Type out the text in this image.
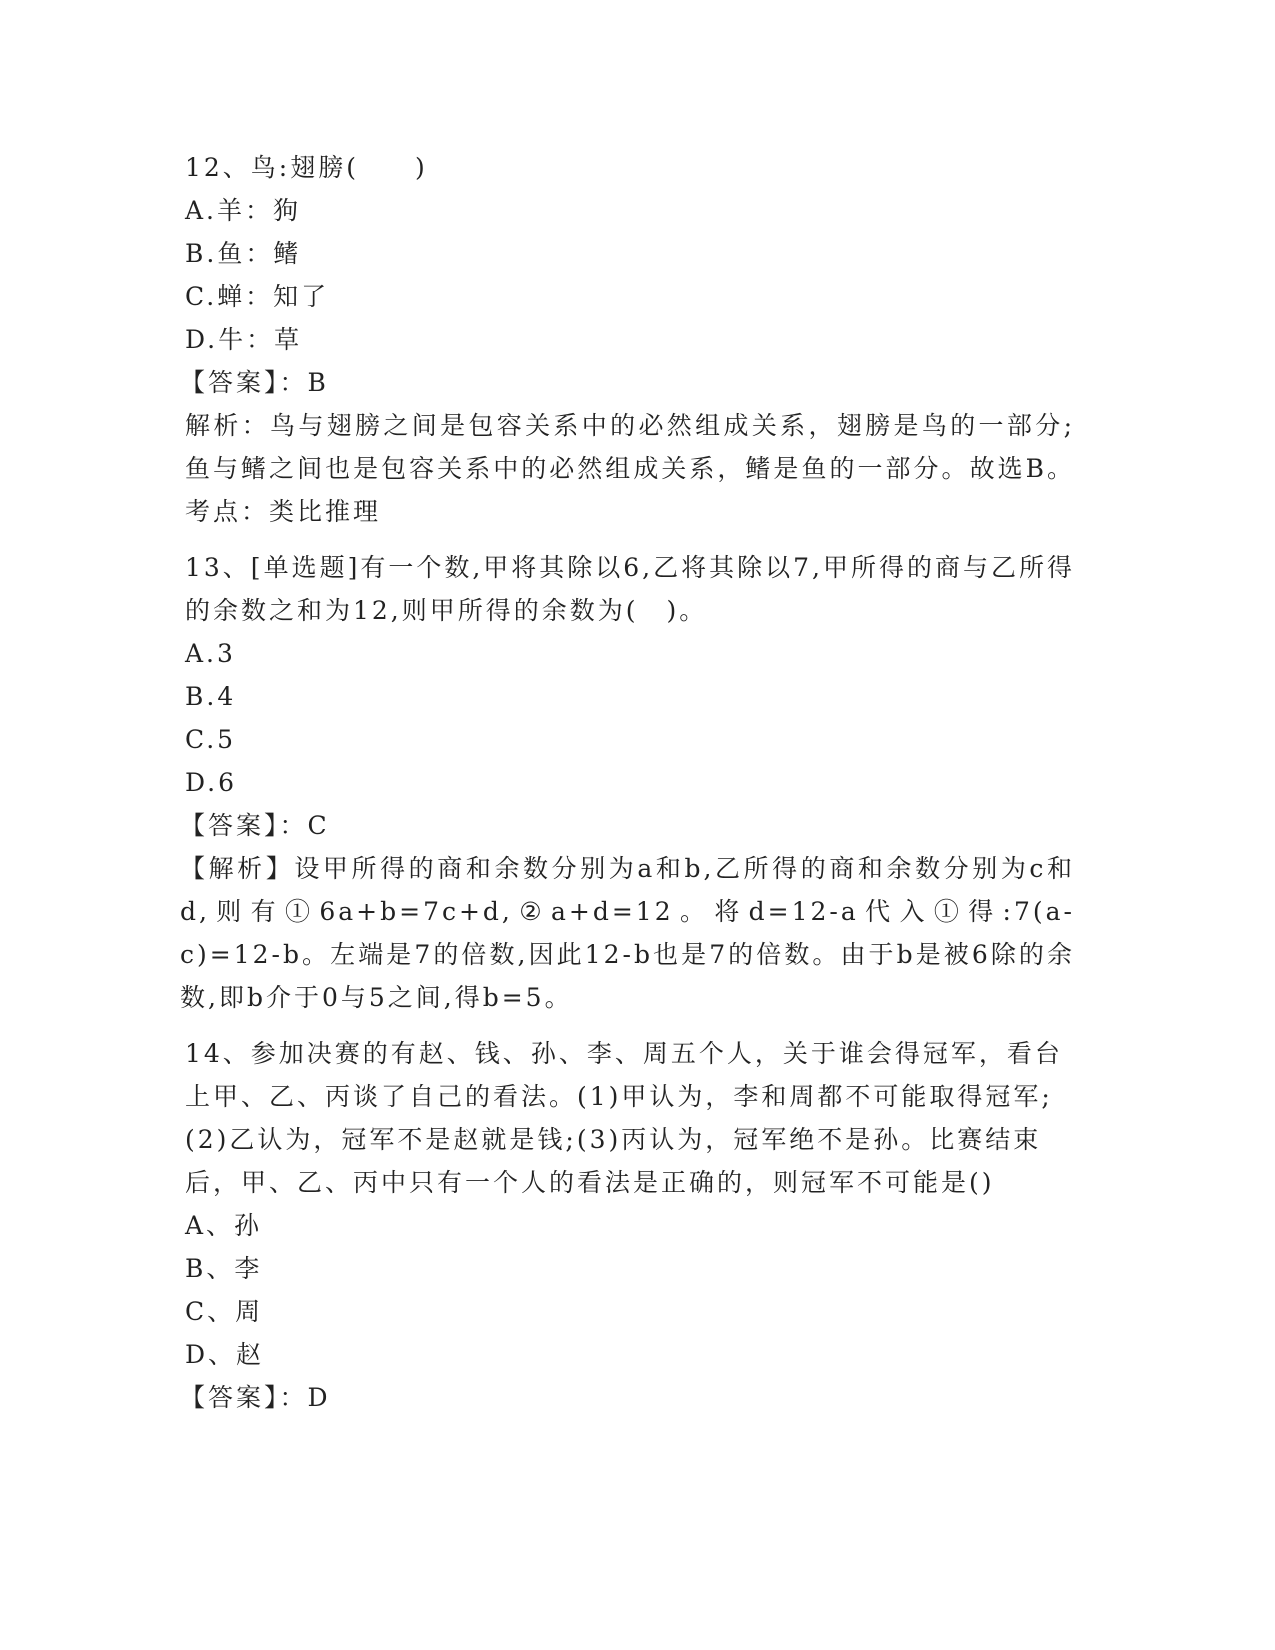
12、鸟:翅膀(　　)

A.羊：狗

B.鱼：鳍

C.蝉：知了

D.牛：草

【答案】：B

解析：鸟与翅膀之间是包容关系中的必然组成关系，翅膀是鸟的一部分;鱼与鳍之间也是包容关系中的必然组成关系，鳍是鱼的一部分。故选B。考点：类比推理

13、[单选题]有一个数,甲将其除以6,乙将其除以7,甲所得的商与乙所得的余数之和为12,则甲所得的余数为(　)。

A.3

B.4

C.5

D.6

【答案】：C

【解析】设甲所得的商和余数分别为a和b,乙所得的商和余数分别为c和d,则有①6a+b=7c+d,②a+d=12。将d=12-a代入①得:7(a-c)=12-b。左端是7的倍数,因此12-b也是7的倍数。由于b是被6除的余数,即b介于0与5之间,得b=5。

14、参加决赛的有赵、钱、孙、李、周五个人，关于谁会得冠军，看台上甲、乙、丙谈了自己的看法。(1)甲认为，李和周都不可能取得冠军;(2)乙认为，冠军不是赵就是钱;(3)丙认为，冠军绝不是孙。比赛结束后，甲、乙、丙中只有一个人的看法是正确的，则冠军不可能是()

A、孙

B、李

C、周

D、赵

【答案】：D
